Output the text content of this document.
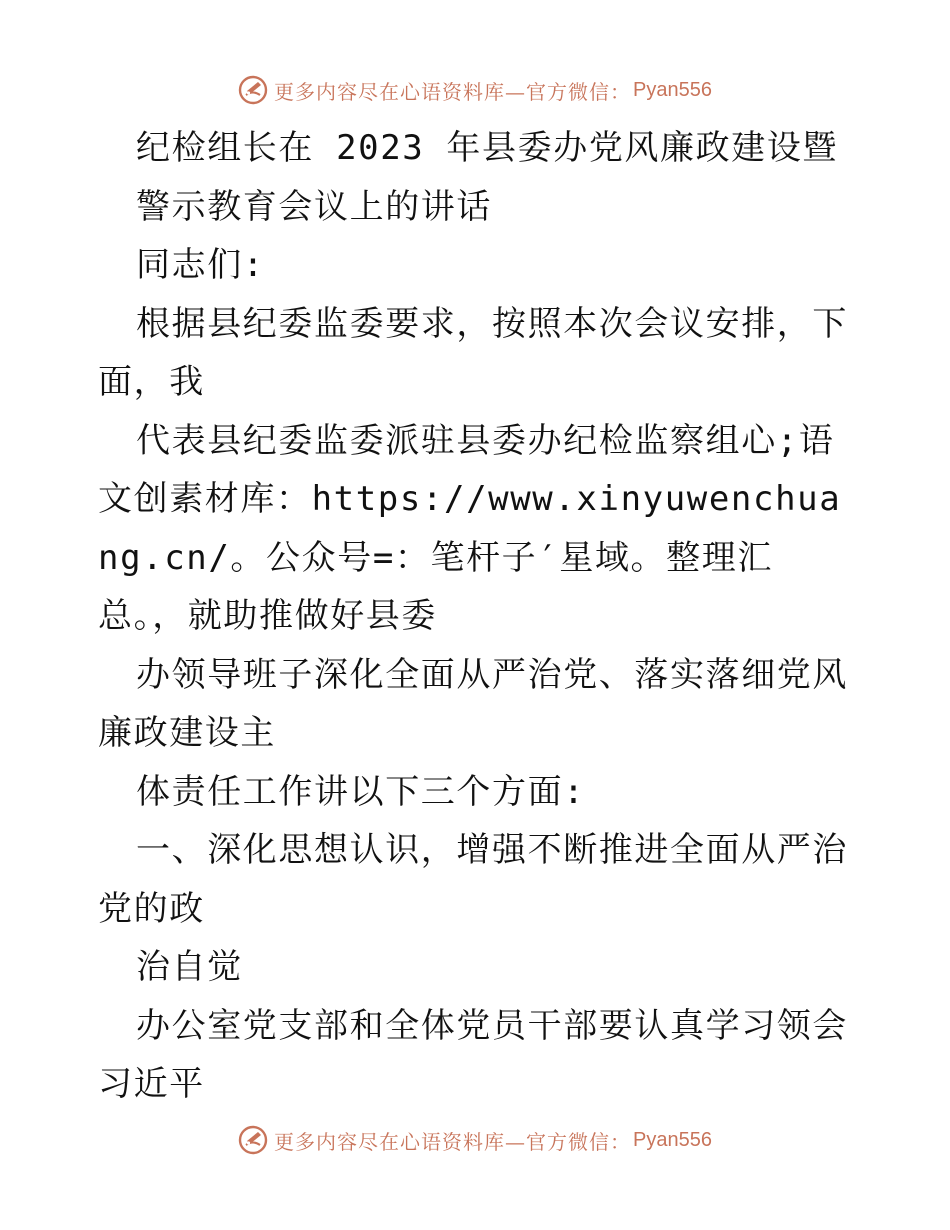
更多内容尽在心语资料库—官方微信： Pyan556

纪检组长在 2023 年县委办党风廉政建设暨

警示教育会议上的讲话

同志们:

根据县纪委监委要求，按照本次会议安排，下面，我

代表县纪委监委派驻县委办纪检监察组心;语文创素材库：https://www.xinyuwenchuang.cn/。公众号=：笔杆子′星域。整理汇总。，就助推做好县委

办领导班子深化全面从严治党、落实落细党风廉政建设主

体责任工作讲以下三个方面:

一、深化思想认识，增强不断推进全面从严治党的政

治自觉

办公室党支部和全体党员干部要认真学习领会习近平

更多内容尽在心语资料库—官方微信： Pyan556
